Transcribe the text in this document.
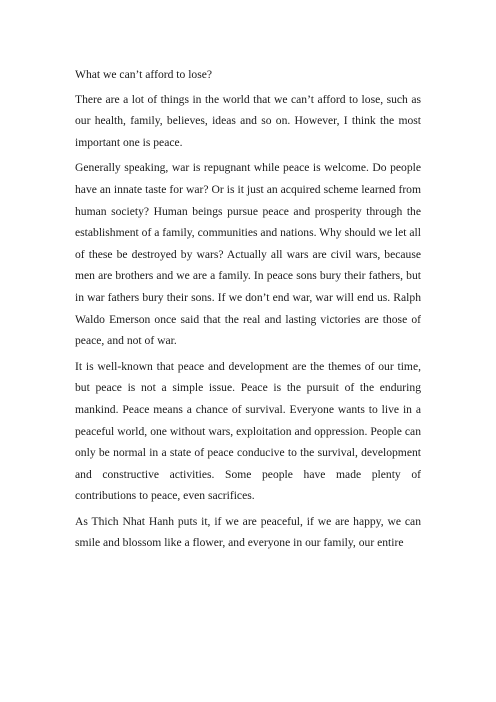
What we can’t afford to lose?

There are a lot of things in the world that we can’t afford to lose, such as our health, family, believes, ideas and so on. However, I think the most important one is peace.

Generally speaking, war is repugnant while peace is welcome. Do people have an innate taste for war? Or is it just an acquired scheme learned from human society? Human beings pursue peace and prosperity through the establishment of a family, communities and nations. Why should we let all of these be destroyed by wars? Actually all wars are civil wars, because men are brothers and we are a family. In peace sons bury their fathers, but in war fathers bury their sons. If we don’t end war, war will end us. Ralph Waldo Emerson once said that the real and lasting victories are those of peace, and not of war.

It is well-known that peace and development are the themes of our time, but peace is not a simple issue. Peace is the pursuit of the enduring mankind. Peace means a chance of survival. Everyone wants to live in a peaceful world, one without wars, exploitation and oppression. People can only be normal in a state of peace conducive to the survival, development and constructive activities. Some people have made plenty of contributions to peace, even sacrifices.

As Thich Nhat Hanh puts it, if we are peaceful, if we are happy, we can smile and blossom like a flower, and everyone in our family, our entire
